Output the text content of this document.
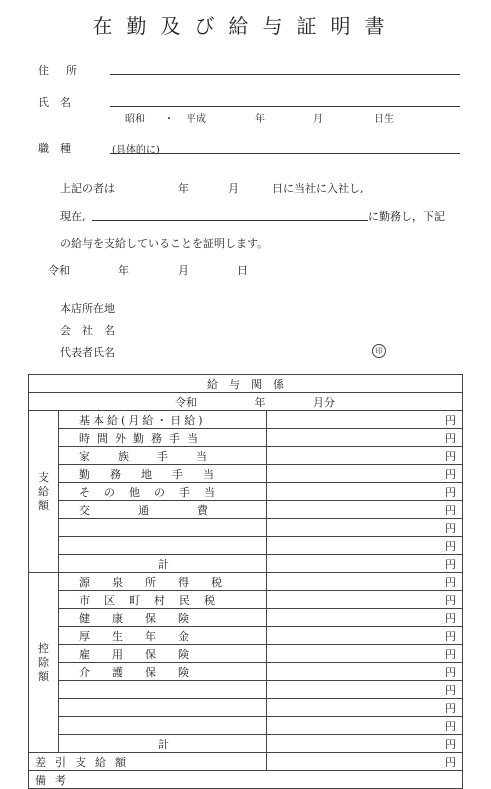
在勤及び給与証明書
住　所
氏　名
昭和 ・ 平成	年	月	日生
職　種	(具体的に)
上記の者は	年	月	日に当社に入社し,
現在,	に勤務し，下記
の給与を支給していることを証明します。
令和	年	月	日
本店所在地
会　社　名
代表者氏名	印
給　与　関　係			
令和 年 月分			

支給額	基本給(月給・日給)		円
	時間外勤務手当		円
	家族手当		円
	勤務地手当		円
	その他の手当		円
	交通費		円
			円
			円
	計		円

控除額	源泉所得税		円
	市区町村民税		円
	健康保険		円
	厚生年金		円
	雇用保険		円
	介護保険		円
			円
			円
			円
	計		円
差引支給額			円
備考			
